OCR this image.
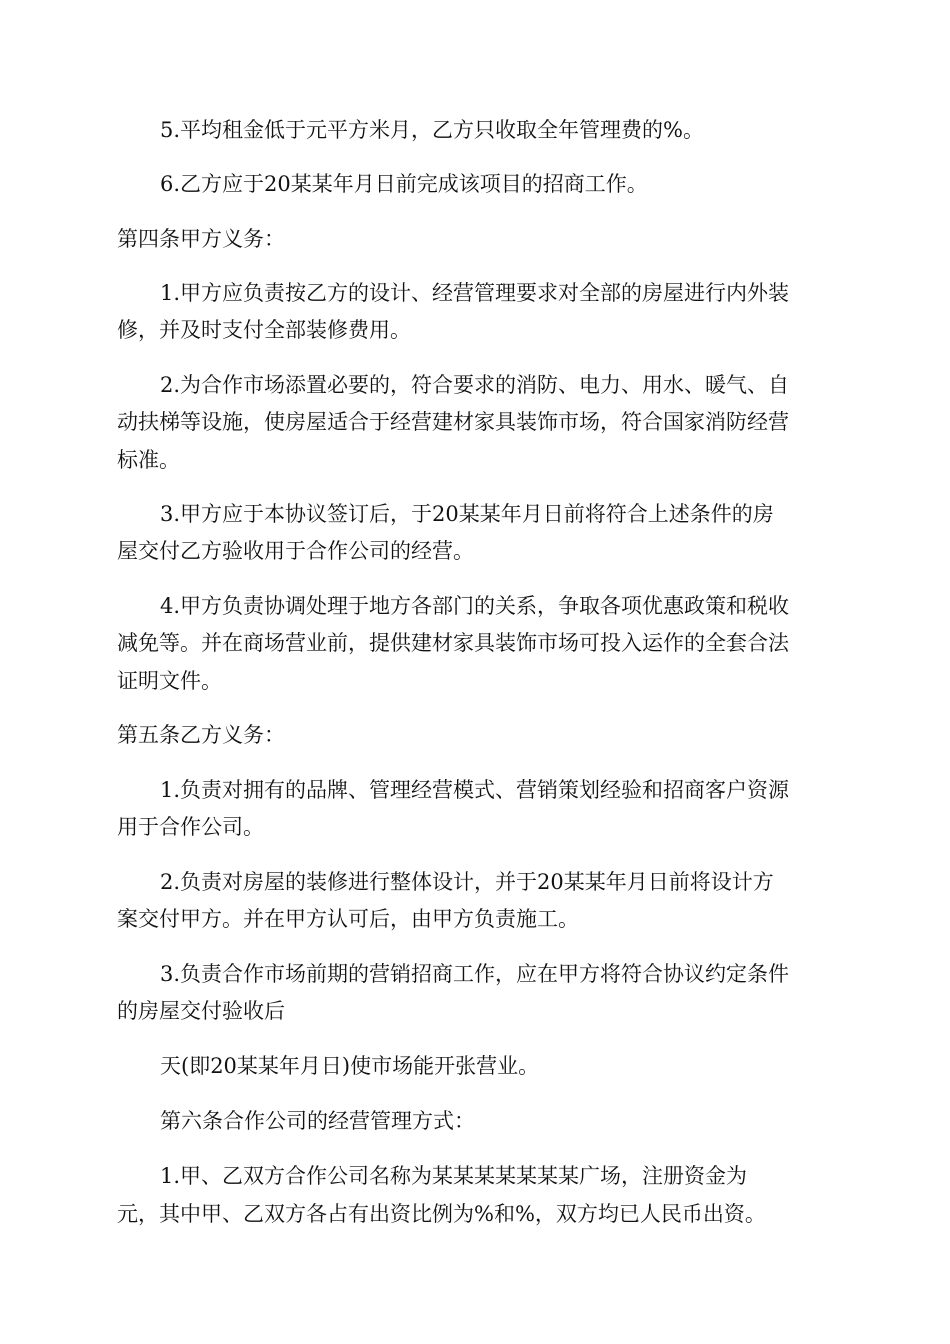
5.平均租金低于元平方米月，乙方只收取全年管理费的%。
6.乙方应于20某某年月日前完成该项目的招商工作。
第四条甲方义务：
1.甲方应负责按乙方的设计、经营管理要求对全部的房屋进行内外装
修，并及时支付全部装修费用。
2.为合作市场添置必要的，符合要求的消防、电力、用水、暖气、自
动扶梯等设施，使房屋适合于经营建材家具装饰市场，符合国家消防经营
标准。
3.甲方应于本协议签订后，于20某某年月日前将符合上述条件的房
屋交付乙方验收用于合作公司的经营。
4.甲方负责协调处理于地方各部门的关系，争取各项优惠政策和税收
减免等。并在商场营业前，提供建材家具装饰市场可投入运作的全套合法
证明文件。
第五条乙方义务：
1.负责对拥有的品牌、管理经营模式、营销策划经验和招商客户资源
用于合作公司。
2.负责对房屋的装修进行整体设计，并于20某某年月日前将设计方
案交付甲方。并在甲方认可后，由甲方负责施工。
3.负责合作市场前期的营销招商工作，应在甲方将符合协议约定条件
的房屋交付验收后
天(即20某某年月日)使市场能开张营业。
第六条合作公司的经营管理方式：
1.甲、乙双方合作公司名称为某某某某某某某广场，注册资金为
元，其中甲、乙双方各占有出资比例为%和%，双方均已人民币出资。
